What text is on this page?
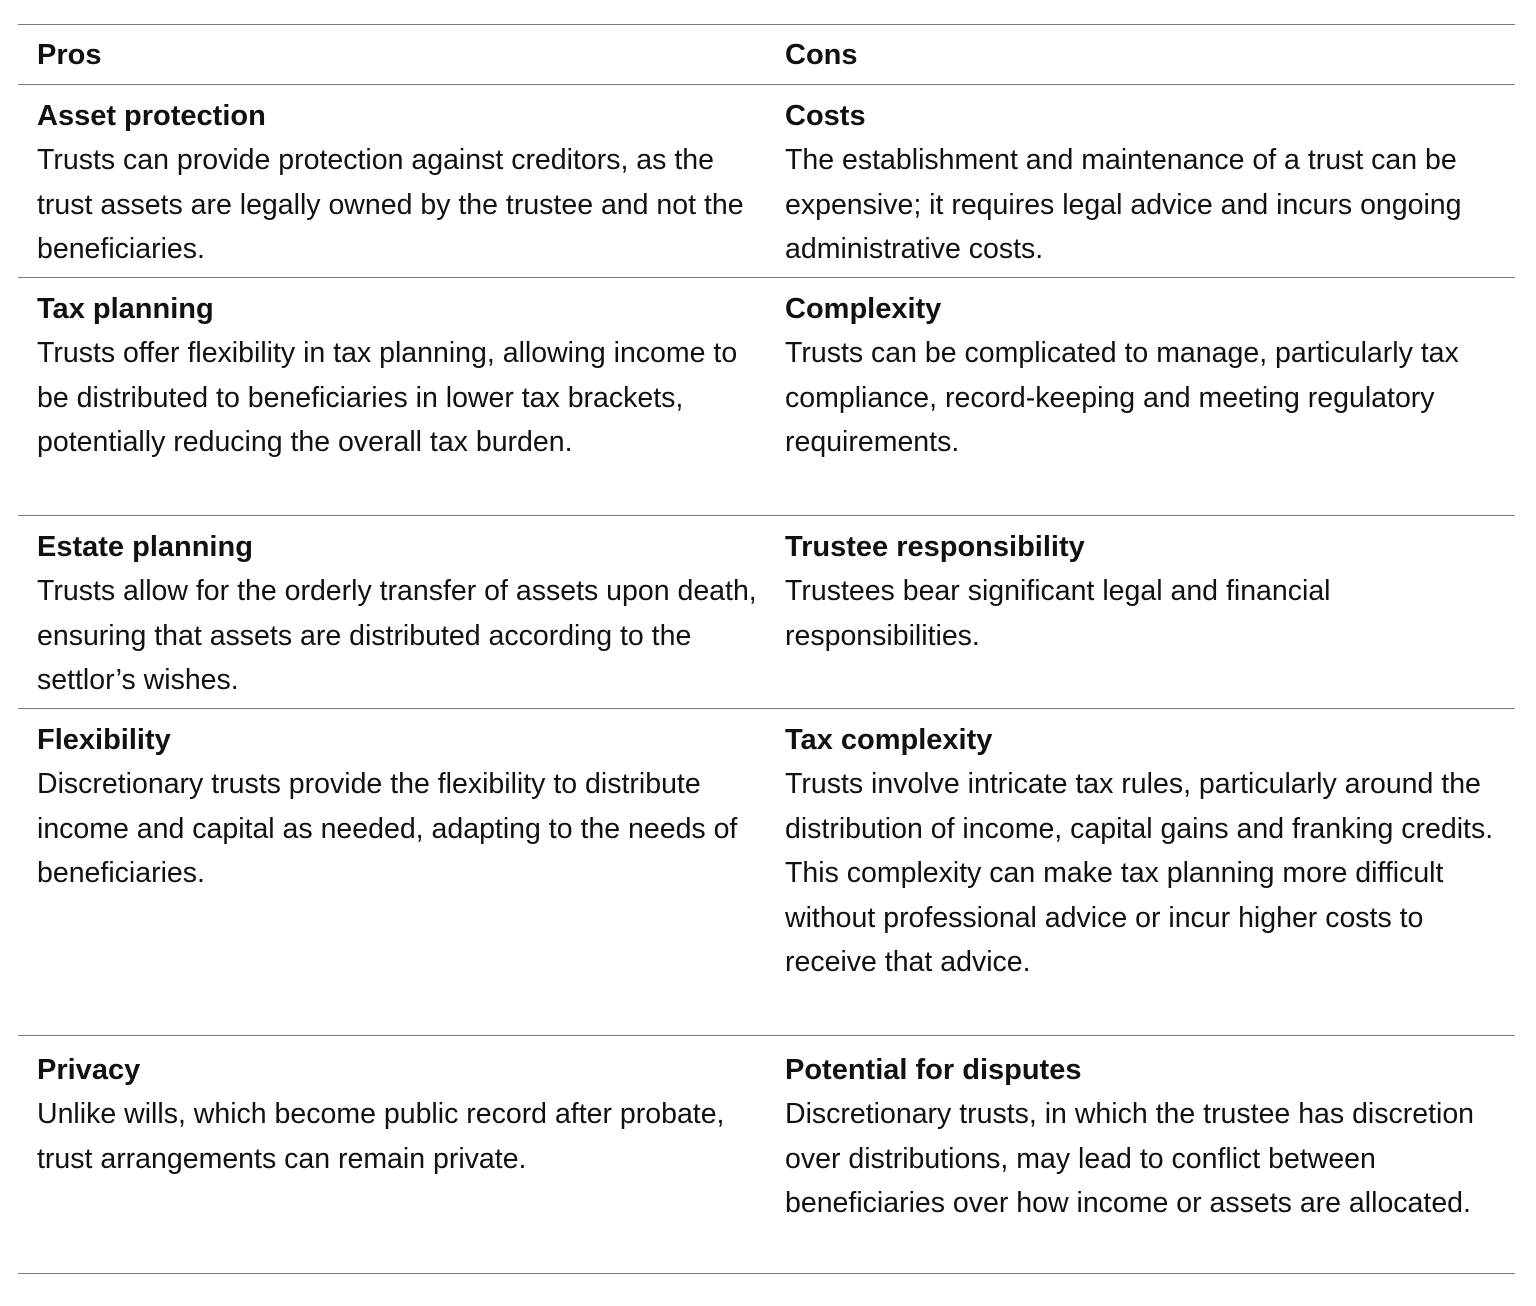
Pros	Cons

Asset protection

Trusts can provide protection against creditors, as the trust assets are legally owned by the trustee and not the beneficiaries.

Costs

The establishment and maintenance of a trust can be expensive; it requires legal advice and incurs ongoing administrative costs.

Tax planning

Trusts offer flexibility in tax planning, allowing income to be distributed to beneficiaries in lower tax brackets, potentially reducing the overall tax burden.

Complexity

Trusts can be complicated to manage, particularly tax compliance, record-keeping and meeting regulatory requirements.

Estate planning

Trusts allow for the orderly transfer of assets upon death, ensuring that assets are distributed according to the settlor’s wishes.

Trustee responsibility

Trustees bear significant legal and financial responsibilities.

Flexibility

Discretionary trusts provide the flexibility to distribute income and capital as needed, adapting to the needs of beneficiaries.

Tax complexity

Trusts involve intricate tax rules, particularly around the distribution of income, capital gains and franking credits. This complexity can make tax planning more difficult without professional advice or incur higher costs to receive that advice.

Privacy

Unlike wills, which become public record after probate, trust arrangements can remain private.

Potential for disputes

Discretionary trusts, in which the trustee has discretion over distributions, may lead to conflict between beneficiaries over how income or assets are allocated.
